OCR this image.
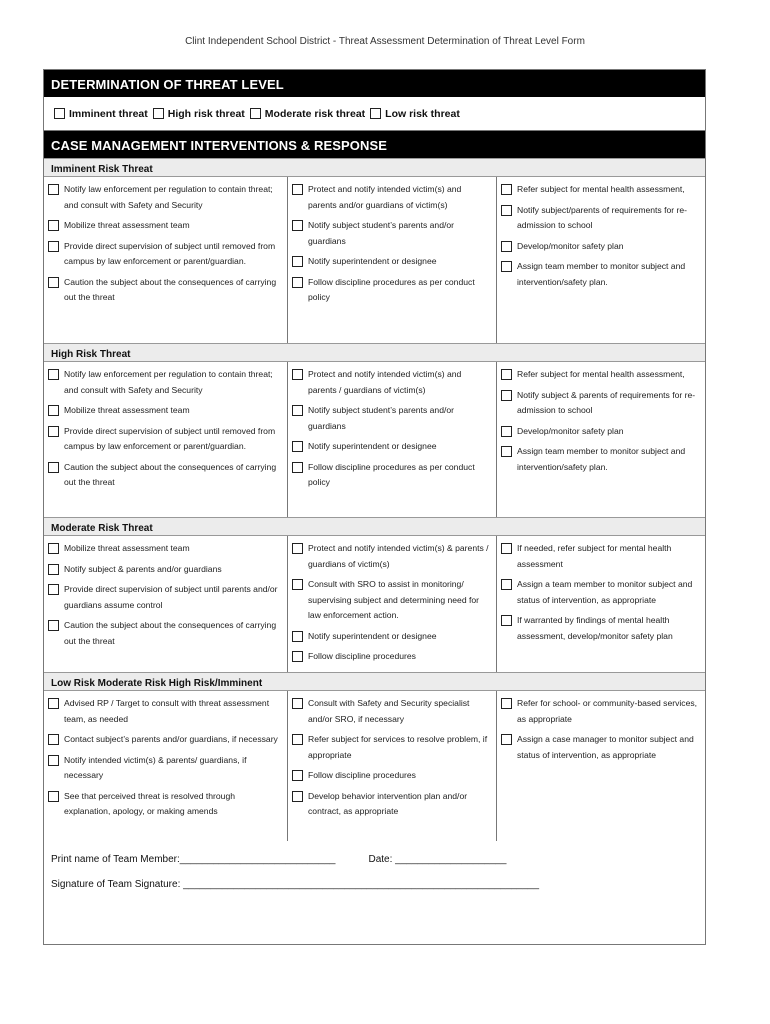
Clint Independent School District - Threat Assessment Determination of Threat Level Form
DETERMINATION OF THREAT LEVEL
Imminent threat High risk threat Moderate risk threat Low risk threat
CASE MANAGEMENT INTERVENTIONS & RESPONSE
Imminent Risk Threat
Notify law enforcement per regulation to contain threat; and consult with Safety and Security
Mobilize threat assessment team
Provide direct supervision of subject until removed from campus by law enforcement or parent/guardian.
Caution the subject about the consequences of carrying out the threat
Protect and notify intended victim(s) and parents and/or guardians of victim(s)
Notify subject student’s parents and/or guardians
Notify superintendent or designee
Follow discipline procedures as per conduct policy
Refer subject for mental health assessment,
Notify subject/parents of requirements for re-admission to school
Develop/monitor safety plan
Assign team member to monitor subject and intervention/safety plan.
High Risk Threat
Notify law enforcement per regulation to contain threat; and consult with Safety and Security
Mobilize threat assessment team
Provide direct supervision of subject until removed from campus by law enforcement or parent/guardian.
Caution the subject about the consequences of carrying out the threat
Protect and notify intended victim(s) and parents / guardians of victim(s)
Notify subject student’s parents and/or guardians
Notify superintendent or designee
Follow discipline procedures as per conduct policy
Refer subject for mental health assessment,
Notify subject & parents of requirements for re-admission to school
Develop/monitor safety plan
Assign team member to monitor subject and intervention/safety plan.
Moderate Risk Threat
Mobilize threat assessment team
Notify subject & parents and/or guardians
Provide direct supervision of subject until parents and/or guardians assume control
Caution the subject about the consequences of carrying out the threat
Protect and notify intended victim(s) & parents / guardians of victim(s)
Consult with SRO to assist in monitoring/ supervising subject and determining need for law enforcement action.
Notify superintendent or designee
Follow discipline procedures
If needed, refer subject for mental health assessment
Assign a team member to monitor subject and status of intervention, as appropriate
If warranted by findings of mental health assessment, develop/monitor safety plan
Low Risk Moderate Risk High Risk/Imminent
Advised RP / Target to consult with threat assessment team, as needed
Contact subject’s parents and/or guardians, if necessary
Notify intended victim(s) & parents/ guardians, if necessary
See that perceived threat is resolved through explanation, apology, or making amends
Consult with Safety and Security specialist and/or SRO, if necessary
Refer subject for services to resolve problem, if appropriate
Follow discipline procedures
Develop behavior intervention plan and/or contract, as appropriate
Refer for school- or community-based services, as appropriate
Assign a case manager to monitor subject and status of intervention, as appropriate
Print name of Team Member:____________________________	Date: ____________________
Signature of Team Signature: ________________________________________________________________
